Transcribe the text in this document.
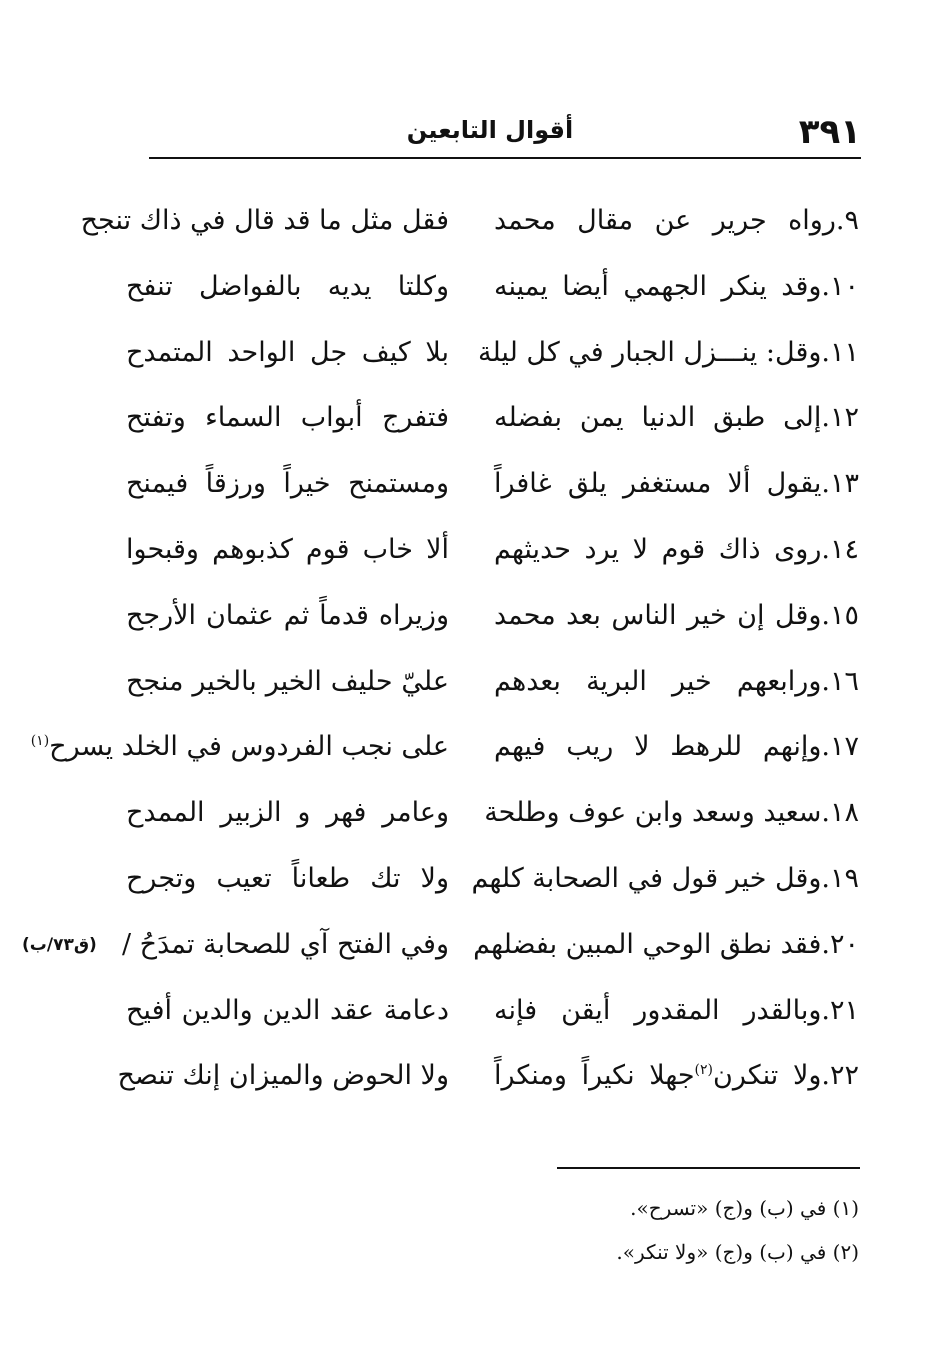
٣٩١
أقوال التابعين
٩.رواه جرير عن مقال محمد
فقل مثل ما قد قال في ذاك تنجح
١٠.وقد ينكر الجهمي أيضا يمينه
وكلتا يديه بالفواضل تنفح
١١.وقل: ينـــزل الجبار في كل ليلة
بلا كيف جل الواحد المتمدح
١٢.إلى طبق الدنيا يمن بفضله
فتفرج أبواب السماء وتفتح
١٣.يقول ألا مستغفر يلق غافراً
ومستمنح خيراً ورزقاً فيمنح
١٤.روى ذاك قوم لا يرد حديثهم
ألا خاب قوم كذبوهم وقبحوا
١٥.وقل إن خير الناس بعد محمد
وزيراه قدماً ثم عثمان الأرجح
١٦.ورابعهم خير البرية بعدهم
عليّ حليف الخير بالخير منجح
١٧.وإنهم للرهط لا ريب فيهم
على نجب الفردوس في الخلد يسرح$^{(١)}$
١٨.سعيد وسعد وابن عوف وطلحة
وعامر فهر و الزبير الممدح
١٩.وقل خير قول في الصحابة كلهم
ولا تك طعاناً تعيب وتجرح
٢٠.فقد نطق الوحي المبين بفضلهم
وفي الفتح آي للصحابة تمدَحُ /
(ق٧٣/ب)
٢١.وبالقدر المقدور أيقن فإنه
دعامة عقد الدين والدين أفيح
٢٢.ولا تنكرن$^{(٢)}$جهلا نكيراً ومنكراً
ولا الحوض والميزان إنك تنصح
(١) في (ب) و(ج) «تسرح».
(٢) في (ب) و(ج) «ولا تنكر».
